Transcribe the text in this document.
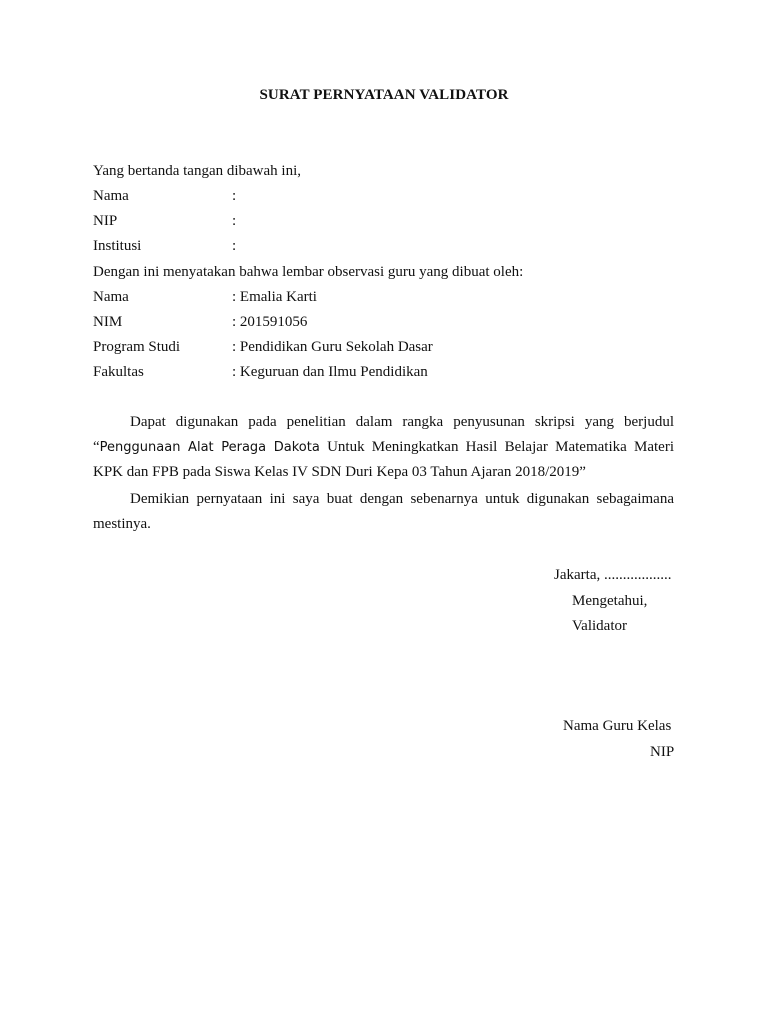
SURAT PERNYATAAN VALIDATOR
Yang bertanda tangan dibawah ini,
Nama	:
NIP	:
Institusi	:
Dengan ini menyatakan bahwa lembar observasi guru yang dibuat oleh:
Nama	: Emalia Karti
NIM	: 201591056
Program Studi	: Pendidikan Guru Sekolah Dasar
Fakultas	: Keguruan dan Ilmu Pendidikan
Dapat digunakan pada penelitian dalam rangka penyusunan skripsi yang berjudul
“Penggunaan Alat Peraga Dakota Untuk Meningkatkan Hasil Belajar Matematika Materi
KPK dan FPB pada Siswa Kelas IV SDN Duri Kepa 03 Tahun Ajaran 2018/2019”
Demikian pernyataan ini saya buat dengan sebenarnya untuk digunakan sebagaimana
mestinya.
Jakarta, ..................
Mengetahui,
Validator
Nama Guru Kelas
NIP
